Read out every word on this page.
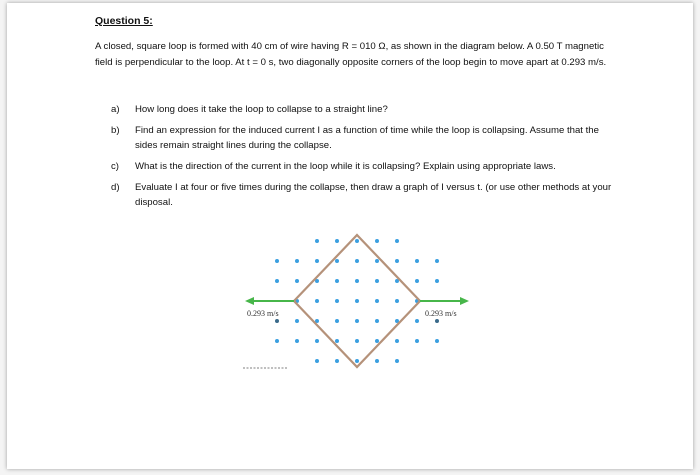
Question 5:

A closed, square loop is formed with 40 cm of wire having R = 010 Ω, as shown in the diagram below. A 0.50 T magnetic field is perpendicular to the loop. At t = 0 s, two diagonally opposite corners of the loop begin to move apart at 0.293 m/s.

a) How long does it take the loop to collapse to a straight line?
b) Find an expression for the induced current I as a function of time while the loop is collapsing. Assume that the sides remain straight lines during the collapse.
c) What is the direction of the current in the loop while it is collapsing? Explain using appropriate laws.
d) Evaluate I at four or five times during the collapse, then draw a graph of I versus t. (or use other methods at your disposal.
0.293 m/s	0.293 m/s
